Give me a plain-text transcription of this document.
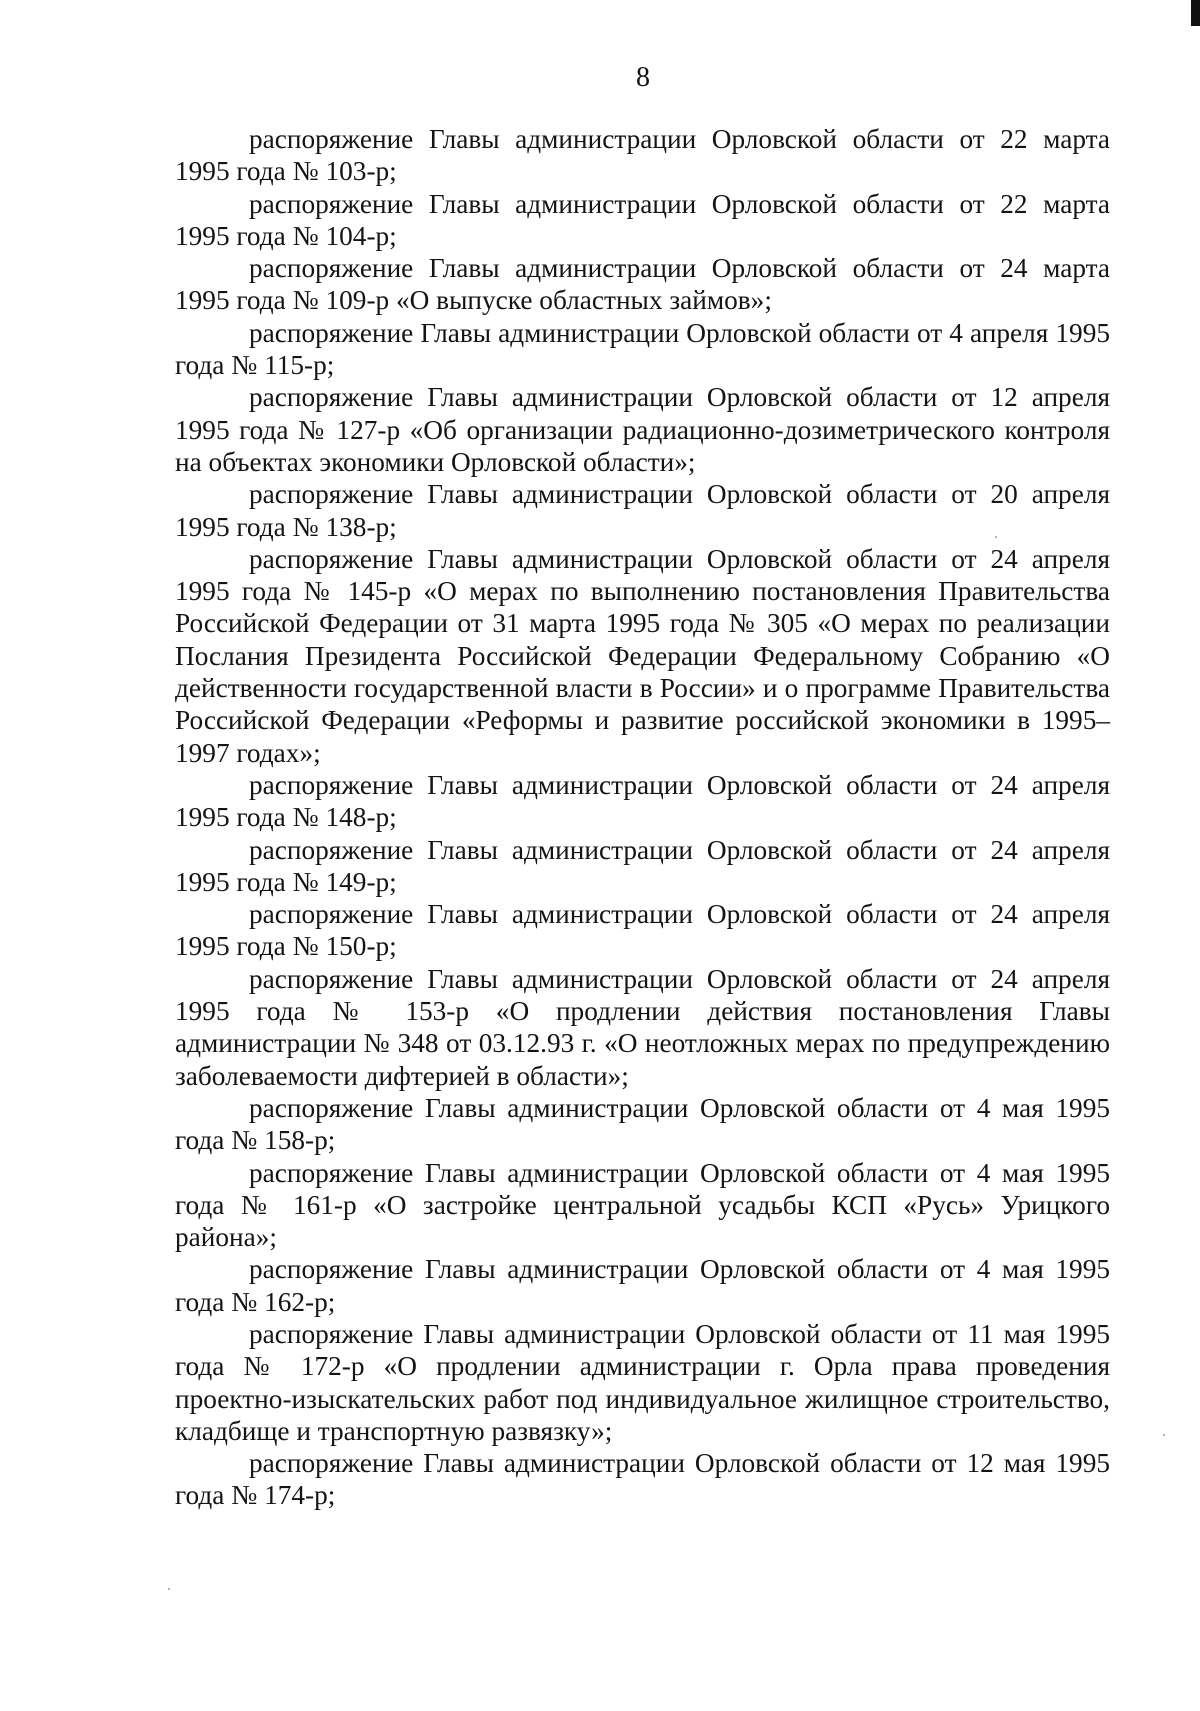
8

распоряжение Главы администрации Орловской области от 22 марта 1995 года № 103-р;

распоряжение Главы администрации Орловской области от 22 марта 1995 года № 104-р;

распоряжение Главы администрации Орловской области от 24 марта 1995 года № 109-р «О выпуске областных займов»;

распоряжение Главы администрации Орловской области от 4 апреля 1995 года № 115-р;

распоряжение Главы администрации Орловской области от 12 апреля 1995 года № 127-р «Об организации радиационно-дозиметрического контроля на объектах экономики Орловской области»;

распоряжение Главы администрации Орловской области от 20 апреля 1995 года № 138-р;

распоряжение Главы администрации Орловской области от 24 апреля 1995 года № 145-р «О мерах по выполнению постановления Правительства Российской Федерации от 31 марта 1995 года № 305 «О мерах по реализации Послания Президента Российской Федерации Федеральному Собранию «О действенности государственной власти в России» и о программе Правительства Российской Федерации «Реформы и развитие российской экономики в 1995–1997 годах»;

распоряжение Главы администрации Орловской области от 24 апреля 1995 года № 148-р;

распоряжение Главы администрации Орловской области от 24 апреля 1995 года № 149-р;

распоряжение Главы администрации Орловской области от 24 апреля 1995 года № 150-р;

распоряжение Главы администрации Орловской области от 24 апреля 1995 года № 153-р «О продлении действия постановления Главы администрации № 348 от 03.12.93 г. «О неотложных мерах по предупреждению заболеваемости дифтерией в области»;

распоряжение Главы администрации Орловской области от 4 мая 1995 года № 158-р;

распоряжение Главы администрации Орловской области от 4 мая 1995 года № 161-р «О застройке центральной усадьбы КСП «Русь» Урицкого района»;

распоряжение Главы администрации Орловской области от 4 мая 1995 года № 162-р;

распоряжение Главы администрации Орловской области от 11 мая 1995 года № 172-р «О продлении администрации г. Орла права проведения проектно-изыскательских работ под индивидуальное жилищное строительство, кладбище и транспортную развязку»;

распоряжение Главы администрации Орловской области от 12 мая 1995 года № 174-р;
